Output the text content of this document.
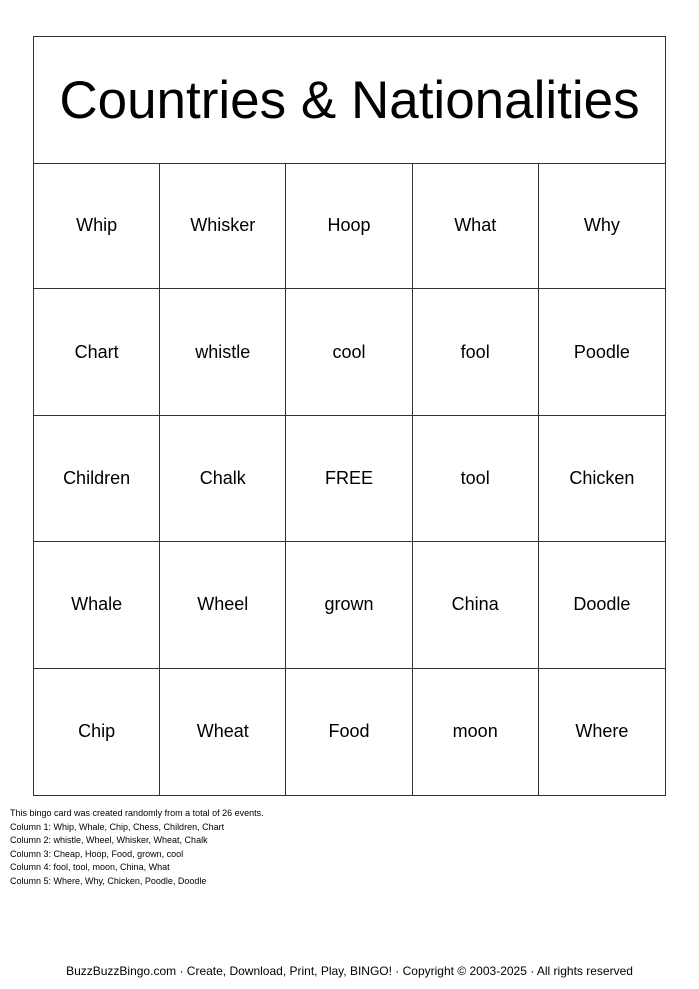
Countries & Nationalities
Whip	Whisker	Hoop	What	Why
Chart	whistle	cool	fool	Poodle
Children	Chalk	FREE	tool	Chicken
Whale	Wheel	grown	China	Doodle
Chip	Wheat	Food	moon	Where
This bingo card was created randomly from a total of 26 events.
Column 1: Whip, Whale, Chip, Chess, Children, Chart
Column 2: whistle, Wheel, Whisker, Wheat, Chalk
Column 3: Cheap, Hoop, Food, grown, cool
Column 4: fool, tool, moon, China, What
Column 5: Where, Why, Chicken, Poodle, Doodle
BuzzBuzzBingo.com · Create, Download, Print, Play, BINGO! · Copyright © 2003-2025 · All rights reserved
